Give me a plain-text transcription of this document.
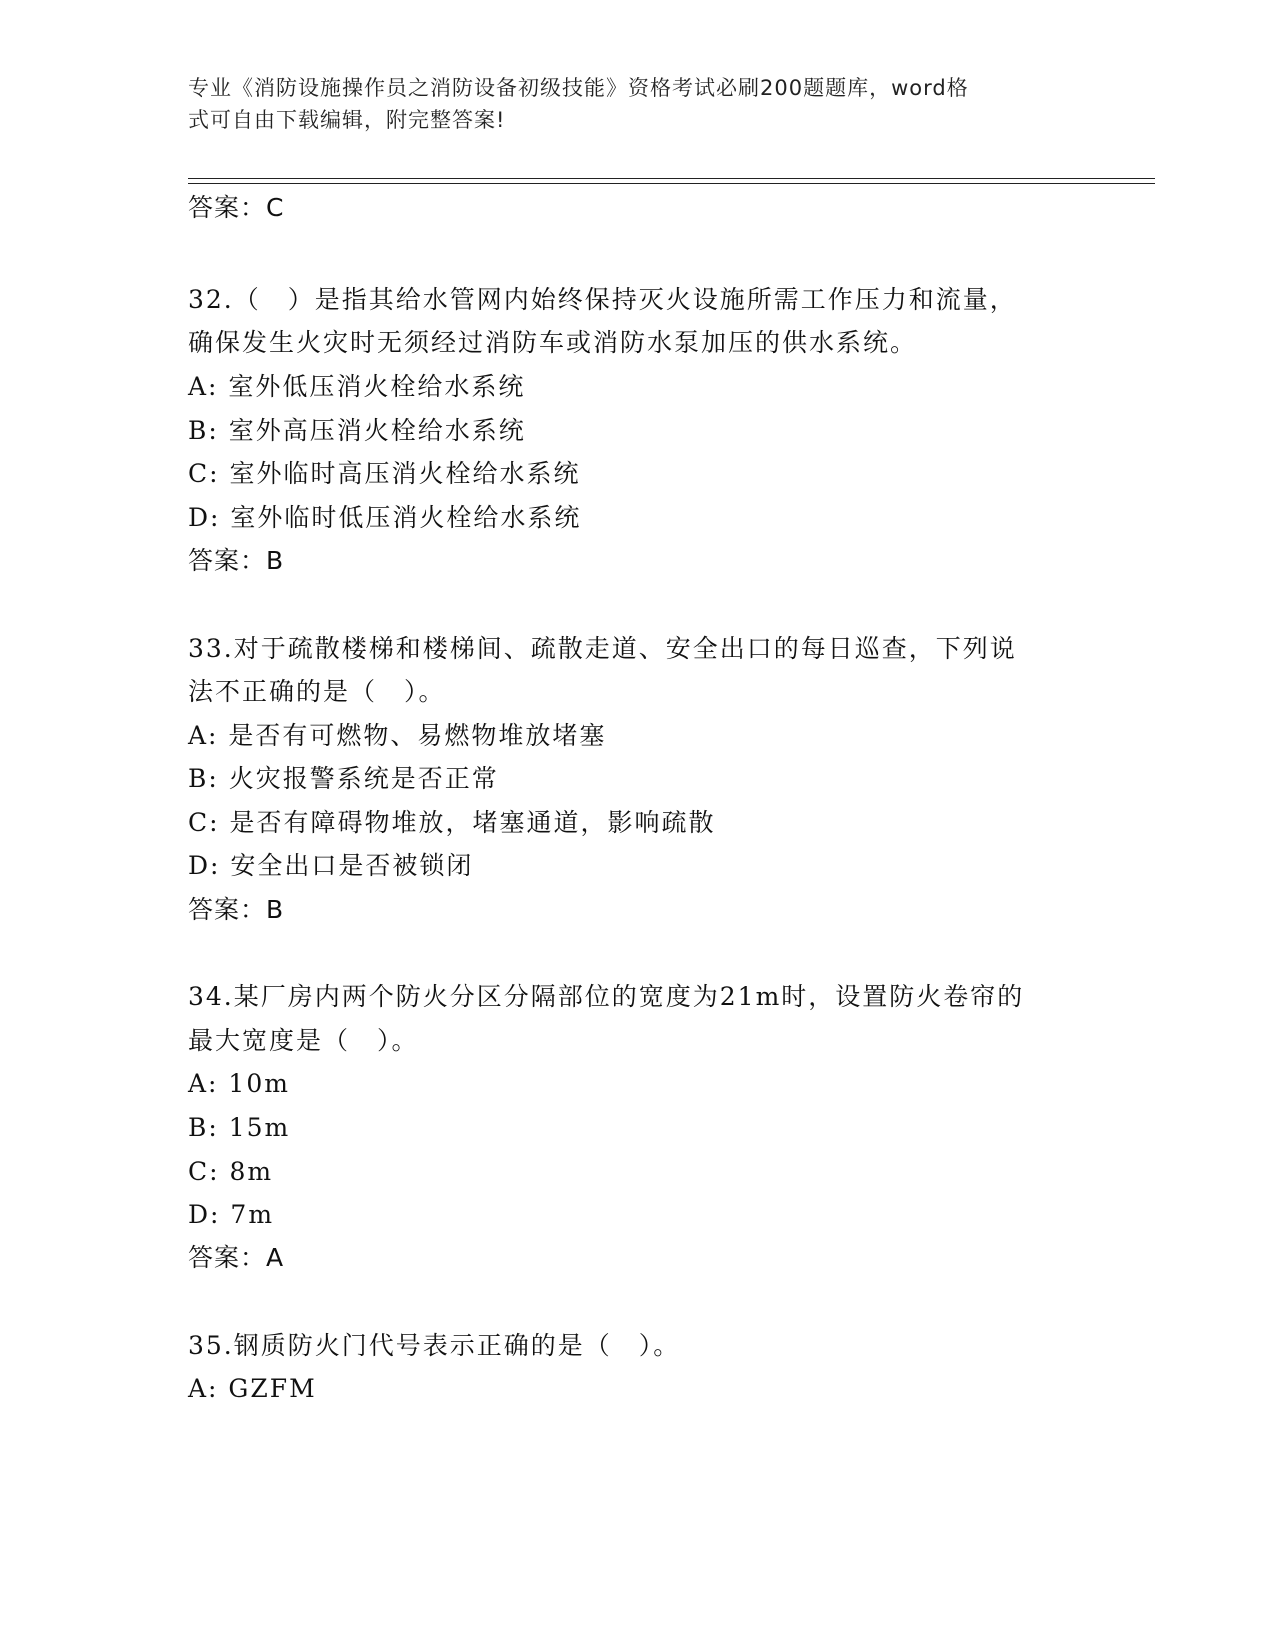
专业《消防设施操作员之消防设备初级技能》资格考试必刷200题题库，word格
式可自由下载编辑，附完整答案!
答案：C
32.（　）是指其给水管网内始终保持灭火设施所需工作压力和流量，
确保发生火灾时无须经过消防车或消防水泵加压的供水系统。
A: 室外低压消火栓给水系统
B: 室外高压消火栓给水系统
C: 室外临时高压消火栓给水系统
D: 室外临时低压消火栓给水系统
答案：B
33.对于疏散楼梯和楼梯间、疏散走道、安全出口的每日巡查，下列说
法不正确的是（　）。
A: 是否有可燃物、易燃物堆放堵塞
B: 火灾报警系统是否正常
C: 是否有障碍物堆放，堵塞通道，影响疏散
D: 安全出口是否被锁闭
答案：B
34.某厂房内两个防火分区分隔部位的宽度为21m时，设置防火卷帘的
最大宽度是（　）。
A: 10m
B: 15m
C: 8m
D: 7m
答案：A
35.钢质防火门代号表示正确的是（　）。
A: GZFM
